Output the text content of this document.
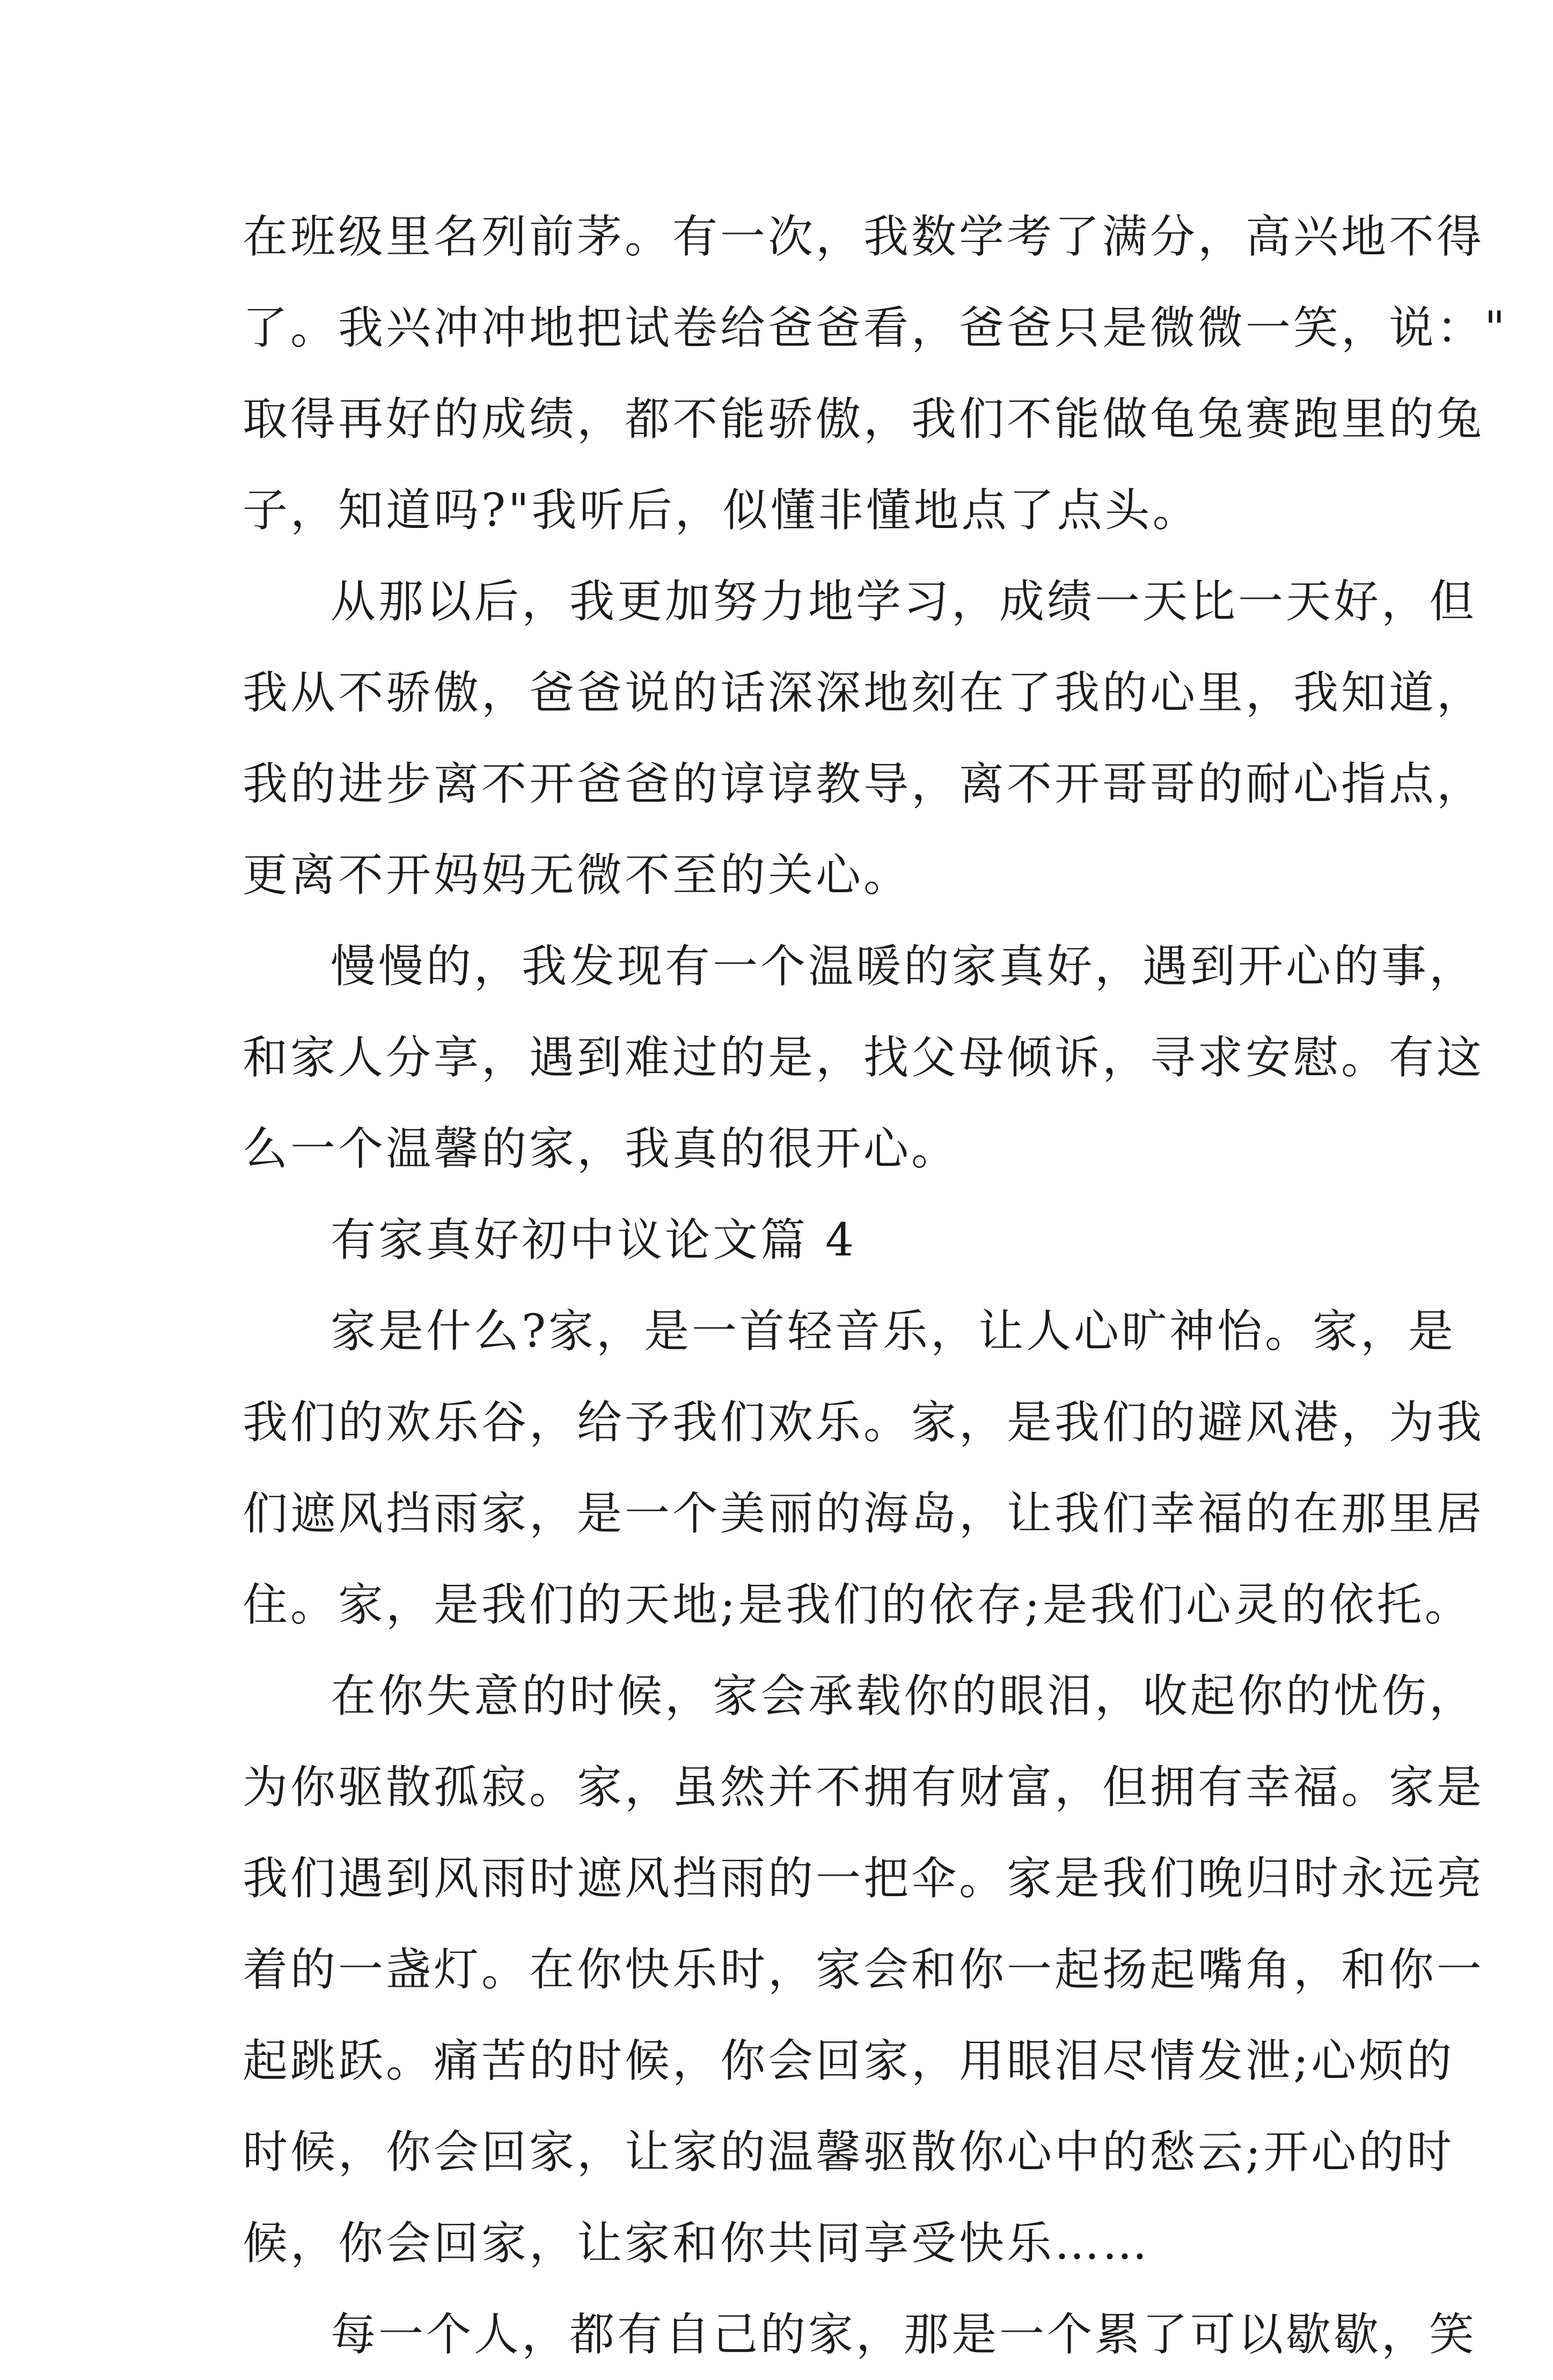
在班级里名列前茅。有一次，我数学考了满分，高兴地不得
了。我兴冲冲地把试卷给爸爸看，爸爸只是微微一笑，说："
取得再好的成绩，都不能骄傲，我们不能做龟兔赛跑里的兔
子，知道吗?"我听后，似懂非懂地点了点头。
从那以后，我更加努力地学习，成绩一天比一天好，但
我从不骄傲，爸爸说的话深深地刻在了我的心里，我知道，
我的进步离不开爸爸的谆谆教导，离不开哥哥的耐心指点，
更离不开妈妈无微不至的关心。
慢慢的，我发现有一个温暖的家真好，遇到开心的事，
和家人分享，遇到难过的是，找父母倾诉，寻求安慰。有这
么一个温馨的家，我真的很开心。
有家真好初中议论文篇 4
家是什么?家，是一首轻音乐，让人心旷神怡。家，是
我们的欢乐谷，给予我们欢乐。家，是我们的避风港，为我
们遮风挡雨家，是一个美丽的海岛，让我们幸福的在那里居
住。家，是我们的天地;是我们的依存;是我们心灵的依托。
在你失意的时候，家会承载你的眼泪，收起你的忧伤，
为你驱散孤寂。家，虽然并不拥有财富，但拥有幸福。家是
我们遇到风雨时遮风挡雨的一把伞。家是我们晚归时永远亮
着的一盏灯。在你快乐时，家会和你一起扬起嘴角，和你一
起跳跃。痛苦的时候，你会回家，用眼泪尽情发泄;心烦的
时候，你会回家，让家的温馨驱散你心中的愁云;开心的时
候，你会回家，让家和你共同享受快乐……
每一个人，都有自己的家，那是一个累了可以歇歇，笑
